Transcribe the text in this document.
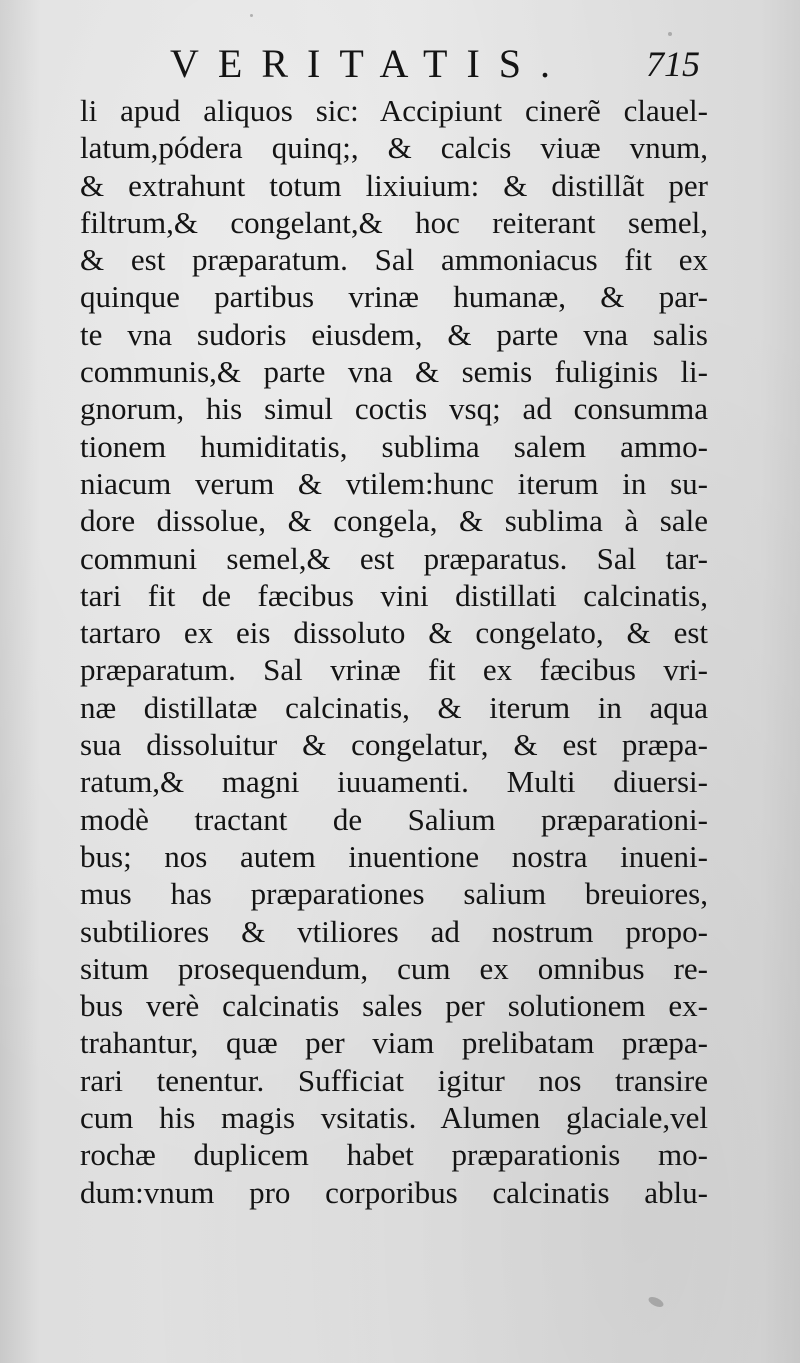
VERITATIS. 715
li apud aliquos sic: Accipiunt cinerẽ clauel-
latum,pódera quinq;, & calcis viuæ vnum,
& extrahunt totum lixiuium: & distillãt per
filtrum,& congelant,& hoc reiterant semel,
& est præparatum. Sal ammoniacus fit ex
quinque partibus vrinæ humanæ, & par-
te vna sudoris eiusdem, & parte vna salis
communis,& parte vna & semis fuliginis li-
gnorum, his simul coctis vsq; ad consumma
tionem humiditatis, sublima salem ammo-
niacum verum & vtilem:hunc iterum in su-
dore dissolue, & congela, & sublima à sale
communi semel,& est præparatus. Sal tar-
tari fit de fæcibus vini distillati calcinatis,
tartaro ex eis dissoluto & congelato, & est
præparatum. Sal vrinæ fit ex fæcibus vri-
næ distillatæ calcinatis, & iterum in aqua
sua dissoluitur & congelatur, & est præpa-
ratum,& magni iuuamenti. Multi diuersi-
modè tractant de Salium præparationi-
bus; nos autem inuentione nostra inueni-
mus has præparationes salium breuiores,
subtiliores & vtiliores ad nostrum propo-
situm prosequendum, cum ex omnibus re-
bus verè calcinatis sales per solutionem ex-
trahantur, quæ per viam prelibatam præpa-
rari tenentur. Sufficiat igitur nos transire
cum his magis vsitatis. Alumen glaciale,vel
rochæ duplicem habet præparationis mo-
dum:vnum pro corporibus calcinatis ablu-
